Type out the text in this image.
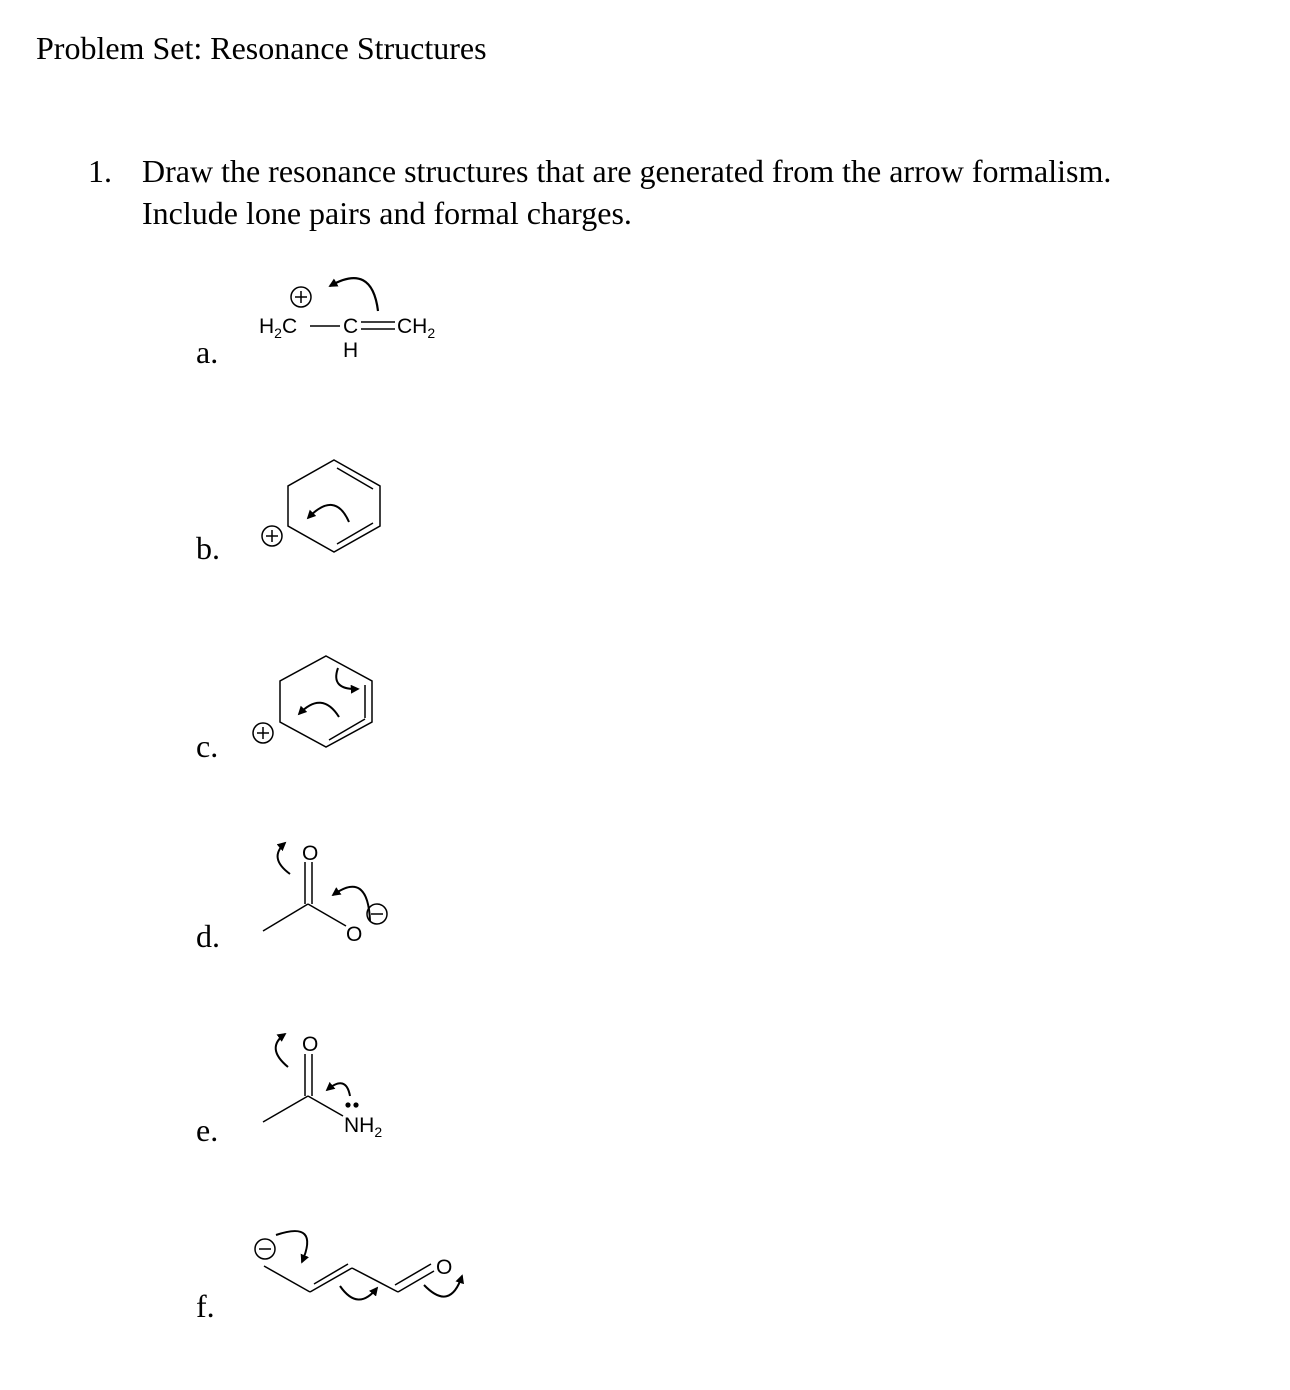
Problem Set: Resonance Structures
1. Draw the resonance structures that are generated from the arrow formalism.
Include lone pairs and formal charges.
a.
$H_2C$ C
H
$CH_2$
b.
c.
d.
O
O
e.
O
$NH_2$
f.
O
